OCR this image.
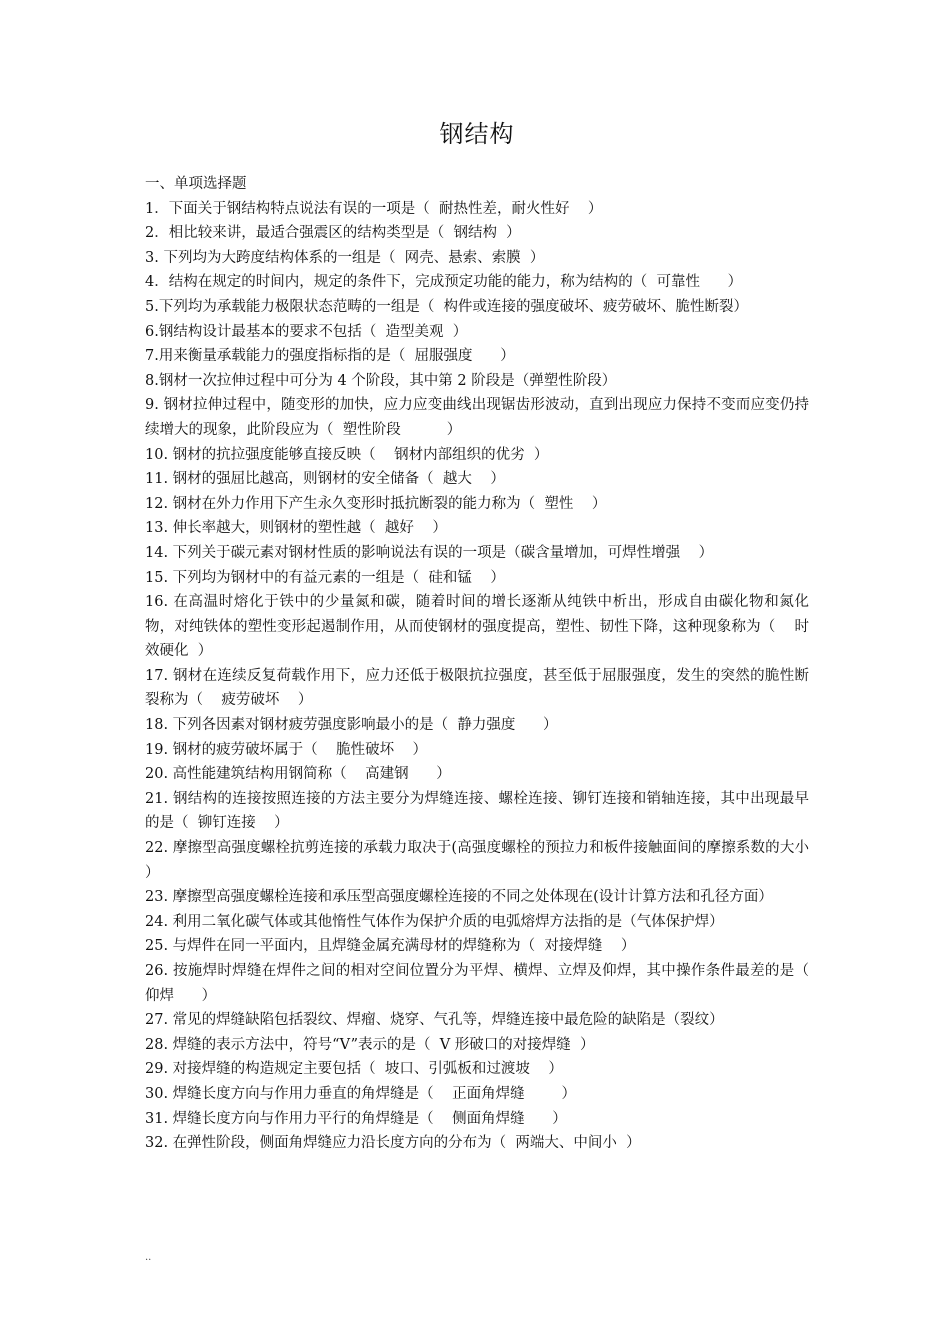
钢结构
一、单项选择题
1．下面关于钢结构特点说法有误的一项是（  耐热性差，耐火性好    ）
2．相比较来讲，最适合强震区的结构类型是（  钢结构  ）
3. 下列均为大跨度结构体系的一组是（  网壳、悬索、索膜  ）
4．结构在规定的时间内，规定的条件下，完成预定功能的能力，称为结构的（  可靠性      ）
5.下列均为承载能力极限状态范畴的一组是（  构件或连接的强度破坏、疲劳破坏、脆性断裂）
6.钢结构设计最基本的要求不包括（  造型美观  ）
7.用来衡量承载能力的强度指标指的是（  屈服强度      ）
8.钢材一次拉伸过程中可分为 4 个阶段，其中第 2 阶段是（弹塑性阶段）
9. 钢材拉伸过程中，随变形的加快，应力应变曲线出现锯齿形波动，直到出现应力保持不变而应变仍持续增大的现象，此阶段应为（  塑性阶段          ）
10. 钢材的抗拉强度能够直接反映（    钢材内部组织的优劣  ）
11. 钢材的强屈比越高，则钢材的安全储备（  越大    ）
12. 钢材在外力作用下产生永久变形时抵抗断裂的能力称为（  塑性    ）
13. 伸长率越大，则钢材的塑性越（  越好    ）
14. 下列关于碳元素对钢材性质的影响说法有误的一项是（碳含量增加，可焊性增强    ）
15. 下列均为钢材中的有益元素的一组是（  硅和锰    ）
16. 在高温时熔化于铁中的少量氮和碳，随着时间的增长逐渐从纯铁中析出，形成自由碳化物和氮化物，对纯铁体的塑性变形起遏制作用，从而使钢材的强度提高，塑性、韧性下降，这种现象称为（    时效硬化  ）
17. 钢材在连续反复荷载作用下，应力还低于极限抗拉强度，甚至低于屈服强度，发生的突然的脆性断裂称为（    疲劳破坏    ）
18. 下列各因素对钢材疲劳强度影响最小的是（  静力强度      ）
19. 钢材的疲劳破坏属于（    脆性破坏    ）
20. 高性能建筑结构用钢简称（    高建钢      ）
21. 钢结构的连接按照连接的方法主要分为焊缝连接、螺栓连接、铆钉连接和销轴连接，其中出现最早的是（  铆钉连接    ）
22. 摩擦型高强度螺栓抗剪连接的承载力取决于(高强度螺栓的预拉力和板件接触面间的摩擦系数的大小  ）
23. 摩擦型高强度螺栓连接和承压型高强度螺栓连接的不同之处体现在(设计计算方法和孔径方面）
24. 利用二氧化碳气体或其他惰性气体作为保护介质的电弧熔焊方法指的是（气体保护焊）
25. 与焊件在同一平面内，且焊缝金属充满母材的焊缝称为（  对接焊缝    ）
26. 按施焊时焊缝在焊件之间的相对空间位置分为平焊、横焊、立焊及仰焊，其中操作条件最差的是（    仰焊      ）
27. 常见的焊缝缺陷包括裂纹、焊瘤、烧穿、气孔等，焊缝连接中最危险的缺陷是（裂纹）
28. 焊缝的表示方法中，符号“V”表示的是（  V 形破口的对接焊缝  ）
29. 对接焊缝的构造规定主要包括（  坡口、引弧板和过渡坡    ）
30. 焊缝长度方向与作用力垂直的角焊缝是（    正面角焊缝        ）
31. 焊缝长度方向与作用力平行的角焊缝是（    侧面角焊缝      ）
32. 在弹性阶段，侧面角焊缝应力沿长度方向的分布为（  两端大、中间小  ）
..
